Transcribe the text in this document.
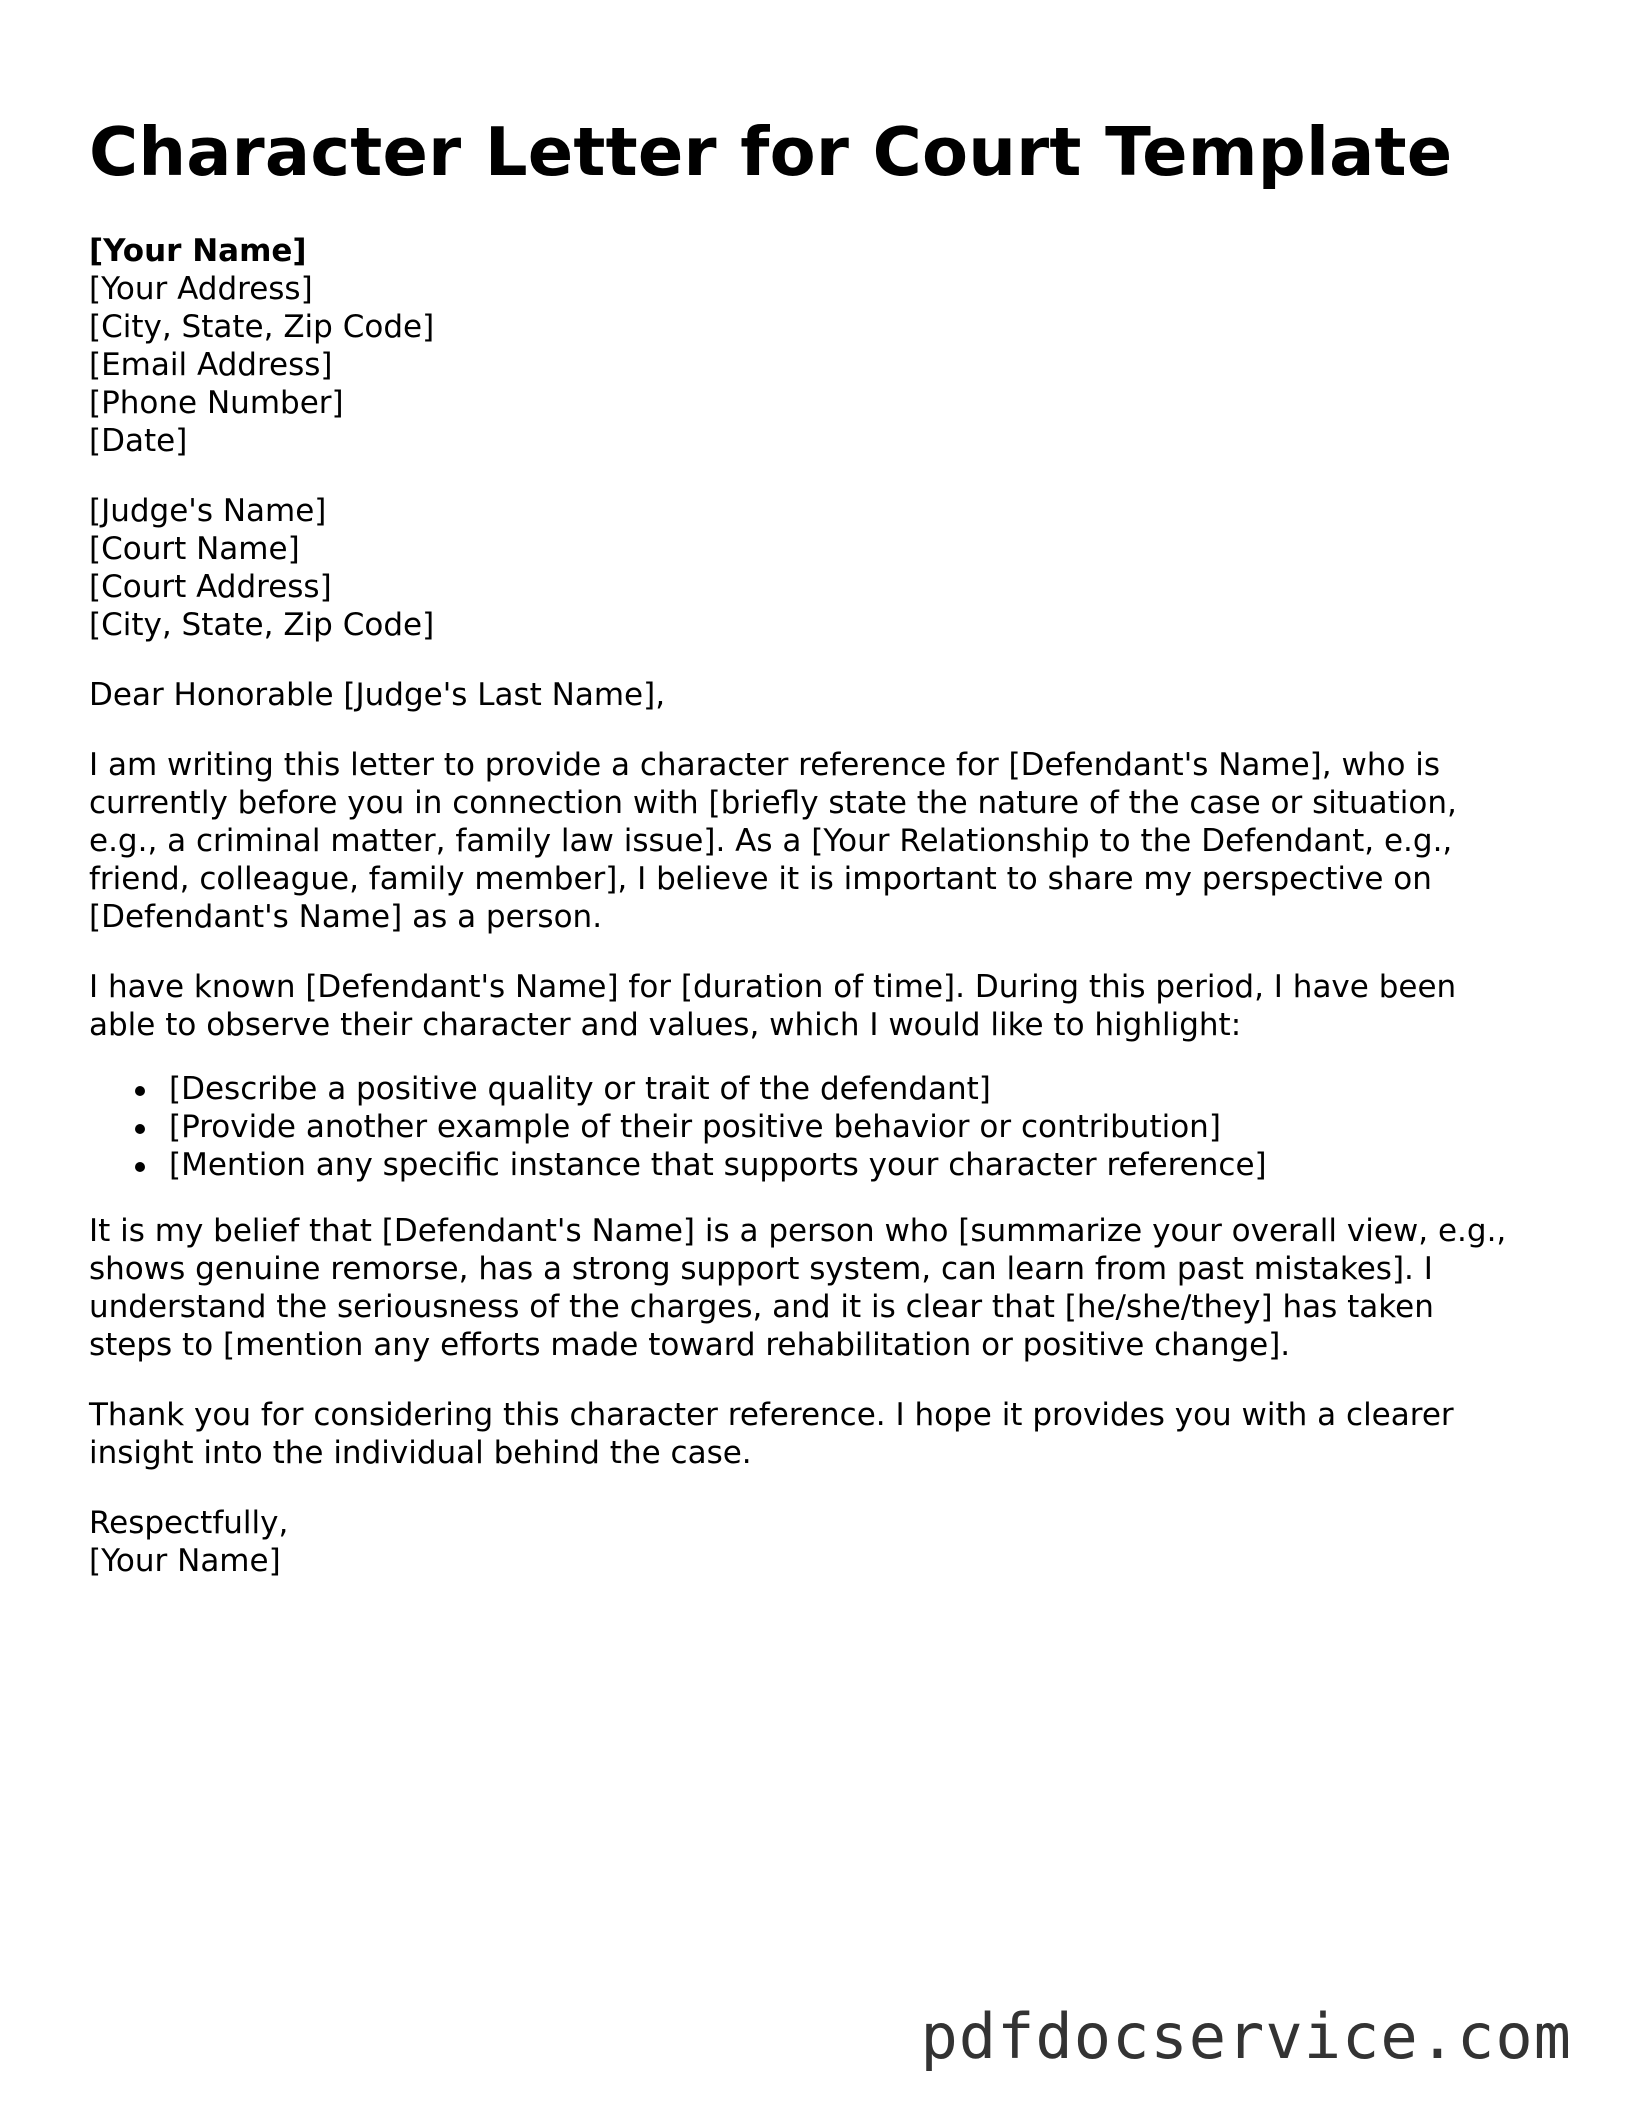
Character Letter for Court Template
[Your Name]
[Your Address]
[City, State, Zip Code]
[Email Address]
[Phone Number]
[Date]
[Judge's Name]
[Court Name]
[Court Address]
[City, State, Zip Code]

Dear Honorable [Judge's Last Name],

I am writing this letter to provide a character reference for [Defendant's Name], who is
currently before you in connection with [briefly state the nature of the case or situation,
e.g., a criminal matter, family law issue]. As a [Your Relationship to the Defendant, e.g.,
friend, colleague, family member], I believe it is important to share my perspective on
[Defendant's Name] as a person.
I have known [Defendant's Name] for [duration of time]. During this period, I have been
able to observe their character and values, which I would like to highlight:
[Describe a positive quality or trait of the defendant]
[Provide another example of their positive behavior or contribution]
[Mention any specific instance that supports your character reference]
It is my belief that [Defendant's Name] is a person who [summarize your overall view, e.g.,
shows genuine remorse, has a strong support system, can learn from past mistakes]. I
understand the seriousness of the charges, and it is clear that [he/she/they] has taken
steps to [mention any efforts made toward rehabilitation or positive change].
Thank you for considering this character reference. I hope it provides you with a clearer
insight into the individual behind the case.
Respectfully,
[Your Name]
pdfdocservice.com
